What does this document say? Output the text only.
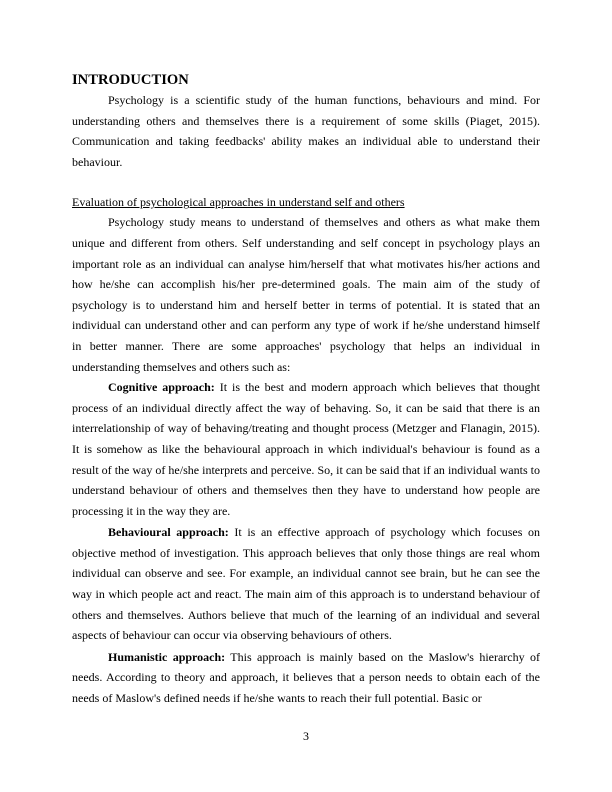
INTRODUCTION

Psychology is a scientific study of the human functions, behaviours and mind. For understanding others and themselves there is a requirement of some skills (Piaget, 2015). Communication and taking feedbacks' ability makes an individual able to understand their behaviour.

Evaluation of psychological approaches in understand self and others

Psychology study means to understand of themselves and others as what make them unique and different from others. Self understanding and self concept in psychology plays an important role as an individual can analyse him/herself that what motivates his/her actions and how he/she can accomplish his/her pre-determined goals. The main aim of the study of psychology is to understand him and herself better in terms of potential. It is stated that an individual can understand other and can perform any type of work if he/she understand himself in better manner. There are some approaches' psychology that helps an individual in understanding themselves and others such as:

Cognitive approach: It is the best and modern approach which believes that thought process of an individual directly affect the way of behaving. So, it can be said that there is an interrelationship of way of behaving/treating and thought process (Metzger and Flanagin, 2015). It is somehow as like the behavioural approach in which individual's behaviour is found as a result of the way of he/she interprets and perceive. So, it can be said that if an individual wants to understand behaviour of others and themselves then they have to understand how people are processing it in the way they are.

Behavioural approach: It is an effective approach of psychology which focuses on objective method of investigation. This approach believes that only those things are real whom individual can observe and see. For example, an individual cannot see brain, but he can see the way in which people act and react. The main aim of this approach is to understand behaviour of others and themselves. Authors believe that much of the learning of an individual and several aspects of behaviour can occur via observing behaviours of others.

Humanistic approach: This approach is mainly based on the Maslow's hierarchy of needs. According to theory and approach, it believes that a person needs to obtain each of the needs of Maslow's defined needs if he/she wants to reach their full potential. Basic or

3
